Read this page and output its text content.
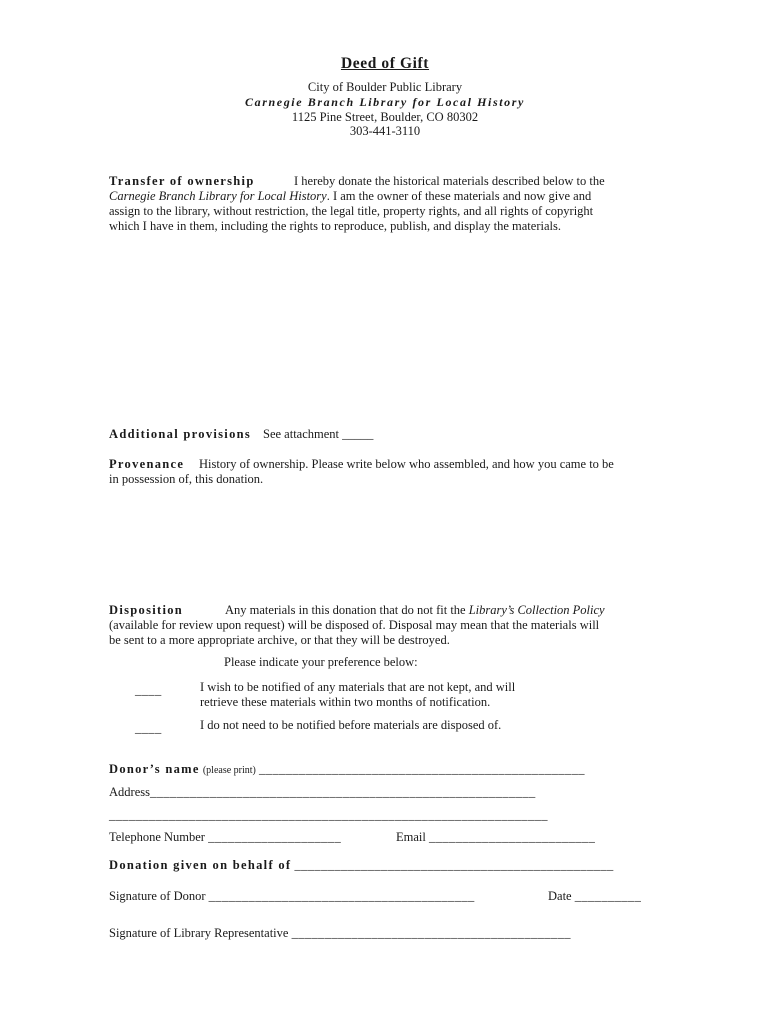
Deed of Gift
City of Boulder Public Library
Carnegie Branch Library for Local History
1125 Pine Street, Boulder, CO 80302
303-441-3110
Transfer of ownership	I hereby donate the historical materials described below to the
Carnegie Branch Library for Local History. I am the owner of these materials and now give and
assign to the library, without restriction, the legal title, property rights, and all rights of copyright
which I have in them, including the rights to reproduce, publish, and display the materials.
Additional provisions See attachment _____
Provenance History of ownership. Please write below who assembled, and how you came to be
in possession of, this donation.
Disposition	Any materials in this donation that do not fit the Library’s Collection Policy
(available for review upon request) will be disposed of. Disposal may mean that the materials will
be sent to a more appropriate archive, or that they will be destroyed.
Please indicate your preference below:
____	I wish to be notified of any materials that are not kept, and will
retrieve these materials within two months of notification.
____	I do not need to be notified before materials are disposed of.
Donor’s name (please print) _________________________________________________
Address__________________________________________________________
__________________________________________________________________
Telephone Number ____________________	Email _________________________
Donation given on behalf of ________________________________________________
Signature of Donor ________________________________________	Date __________
Signature of Library Representative __________________________________________
